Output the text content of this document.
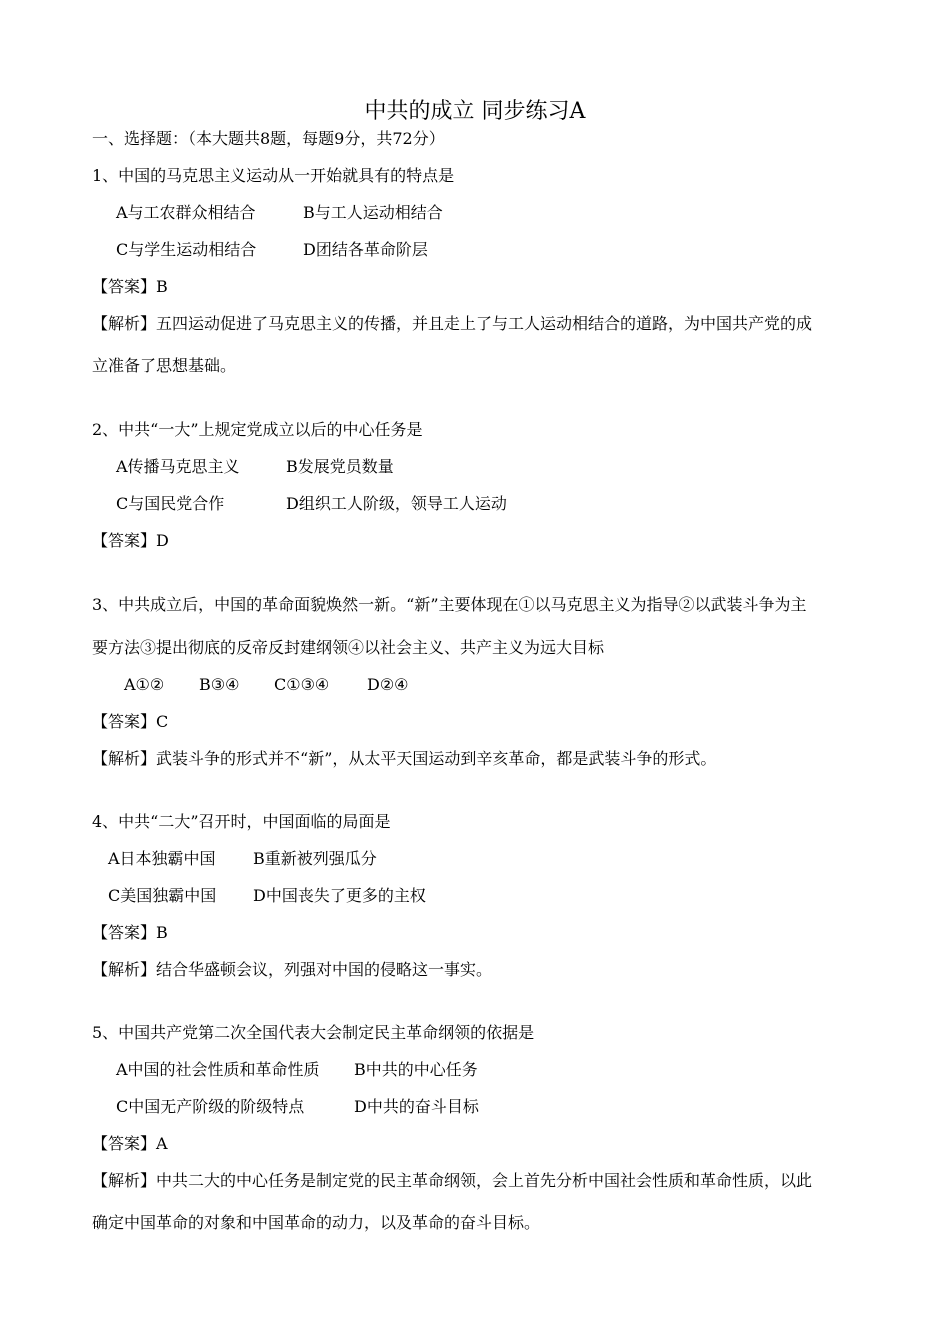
中共的成立 同步练习A
一、选择题：（本大题共8题，每题9分，共72分）
1、中国的马克思主义运动从一开始就具有的特点是
A与工农群众相结合	B与工人运动相结合
C与学生运动相结合	D团结各革命阶层
【答案】B
【解析】五四运动促进了马克思主义的传播，并且走上了与工人运动相结合的道路，为中国共产党的成
立准备了思想基础。
2、中共“一大”上规定党成立以后的中心任务是
A传播马克思主义	B发展党员数量
C与国民党合作	D组织工人阶级，领导工人运动
【答案】D
3、中共成立后，中国的革命面貌焕然一新。“新”主要体现在①以马克思主义为指导②以武装斗争为主
要方法③提出彻底的反帝反封建纲领④以社会主义、共产主义为远大目标
A①② B③④ C①③④ D②④
【答案】C
【解析】武装斗争的形式并不“新”，从太平天国运动到辛亥革命，都是武装斗争的形式。
4、中共“二大”召开时，中国面临的局面是
A日本独霸中国 B重新被列强瓜分
C美国独霸中国 D中国丧失了更多的主权
【答案】B
【解析】结合华盛顿会议，列强对中国的侵略这一事实。
5、中国共产党第二次全国代表大会制定民主革命纲领的依据是
A中国的社会性质和革命性质 B中共的中心任务
C中国无产阶级的阶级特点	D中共的奋斗目标
【答案】A
【解析】中共二大的中心任务是制定党的民主革命纲领，会上首先分析中国社会性质和革命性质，以此
确定中国革命的对象和中国革命的动力，以及革命的奋斗目标。
